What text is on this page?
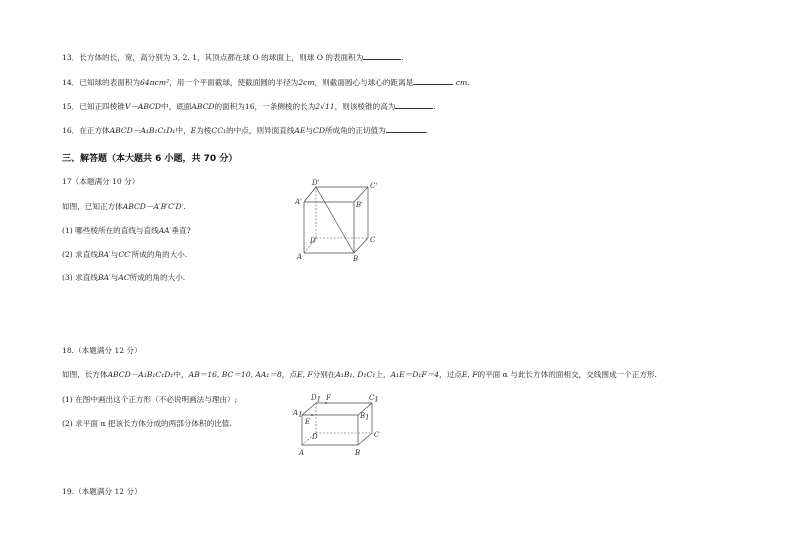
13．长方体的长，宽，高分别为 3, 2, 1，其顶点都在球 O 的球面上，则球 O 的表面积为	.
14．已知球的表面积为64πcm²，用一个平面截球，使截面圆的半径为2cm，则截面圆心与球心的距离是	cm.
15．已知正四棱锥V－ABCD中，底面ABCD的面积为16，一条侧棱的长为2√11，则该棱锥的高为	.
16．在正方体ABCD－A₁B₁C₁D₁中，E为棱CC₁的中点，则异面直线AE与CD所成角的正切值为	.
三、解答题（本大题共 6 小题，共 70 分）
17（本题满分 10 分）
如图，已知正方体ABCD－A′B′C′D′.
(1) 哪些棱所在的直线与直线AA′垂直?
(2) 求直线BA′与CC′所成的角的大小.
(3) 求直线BA′与AC所成的角的大小.
D'	C'
A'	B'
D	C
A	B
18.（本题满分 12 分）
如图，长方体ABCD－A₁B₁C₁D₁中，AB＝16, BC＝10, AA₁＝8，点E, F分别在A₁B₁, D₁C₁上，A₁E＝D₁F＝4，过点E, F的平面 α 与此长方体的面相交，交线围成一个正方形.
(1) 在图中画出这个正方形（不必说明画法与理由）;
(2) 求平面 α 把该长方体分成的两部分体积的比值.
D1 F	C1
A1	B1
E
D	C
A	B
19.（本题满分 12 分）
